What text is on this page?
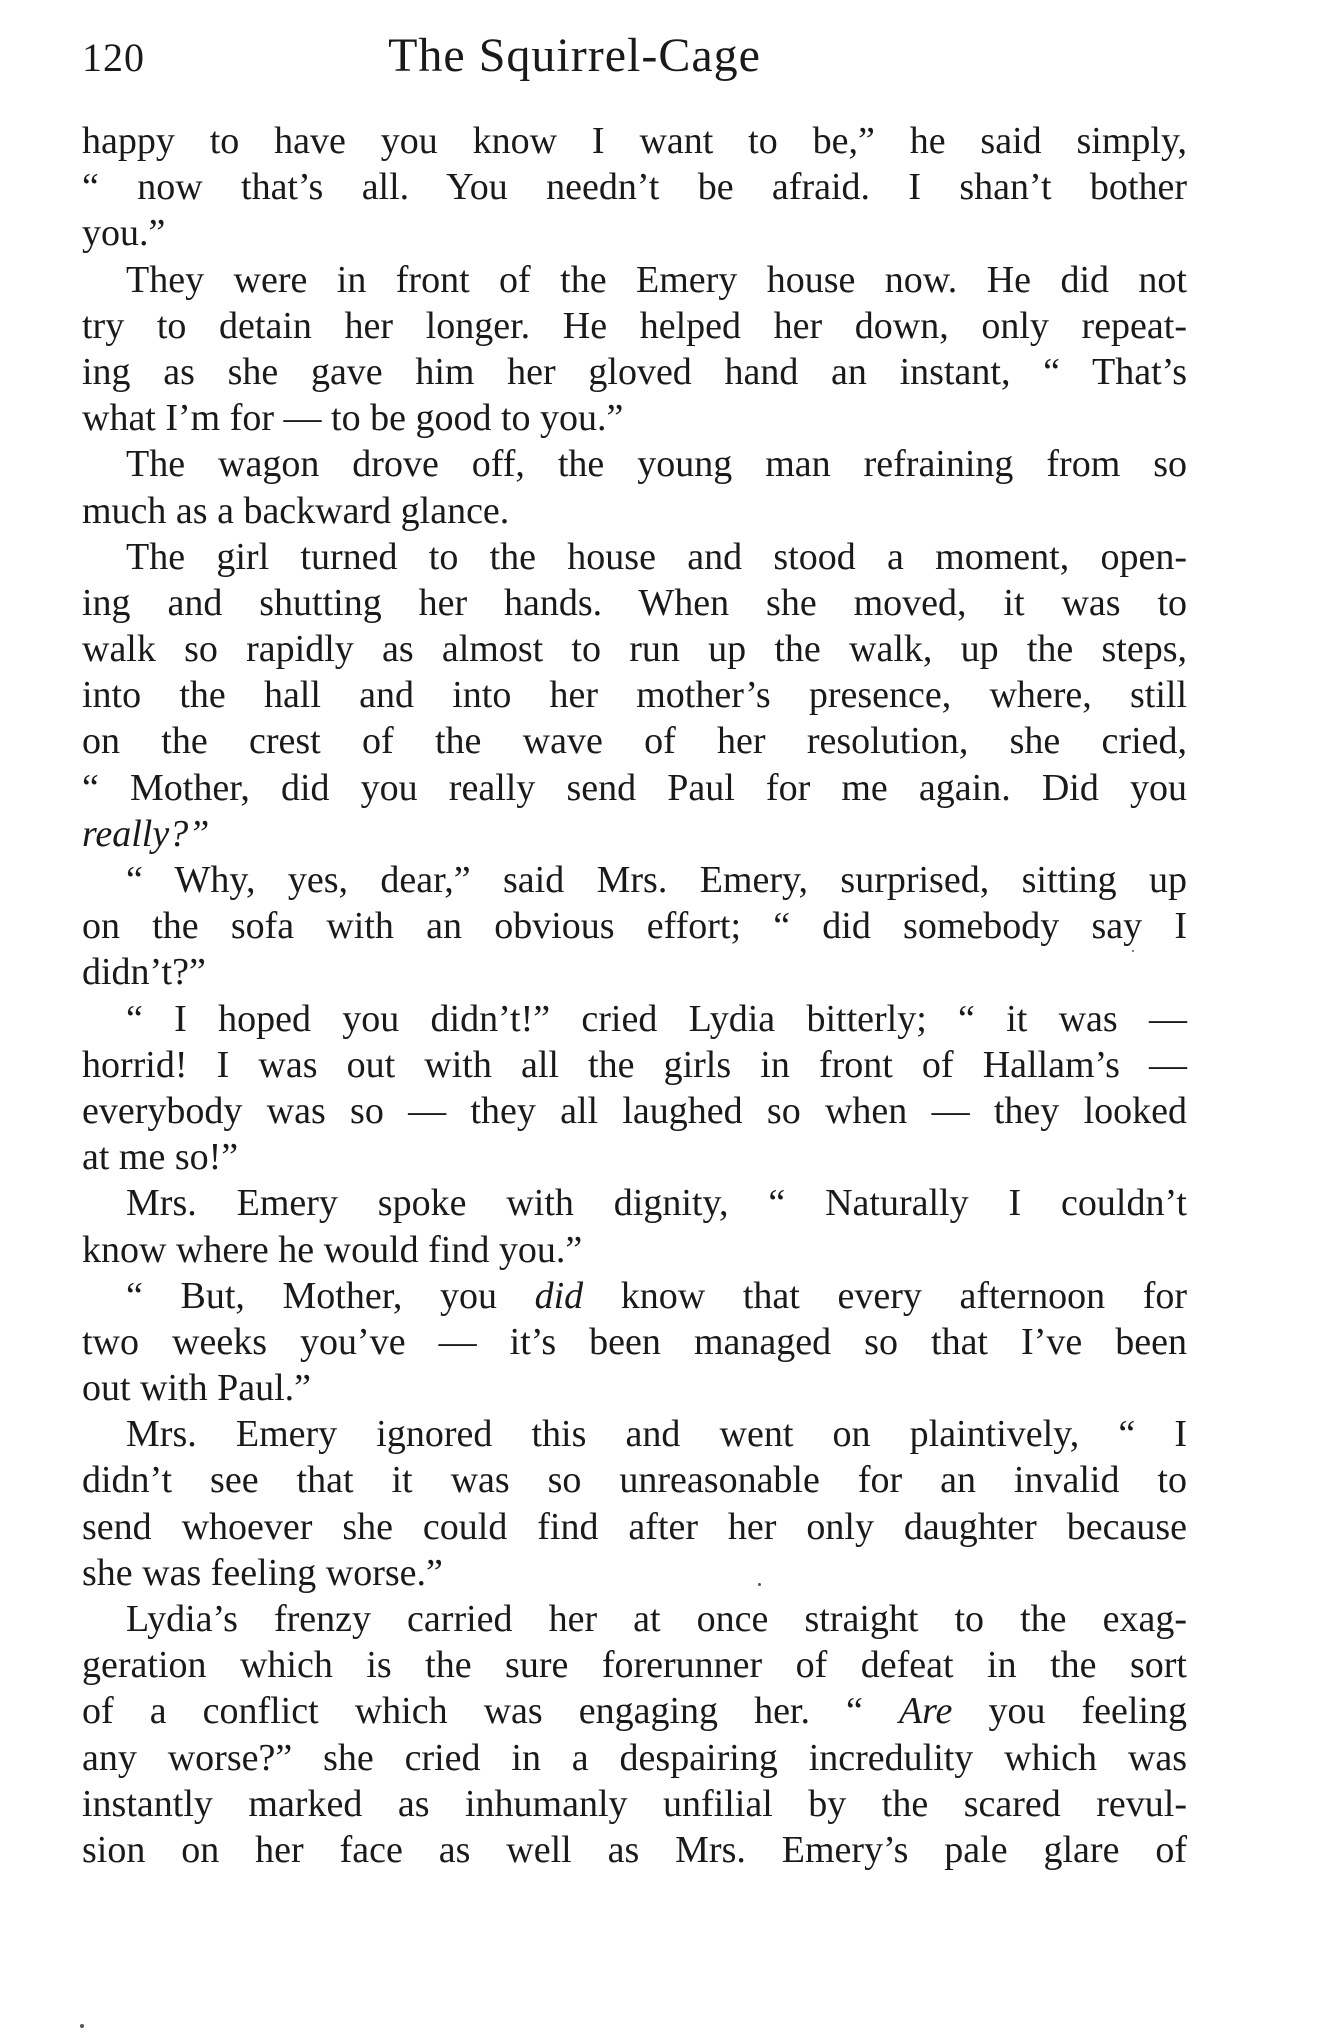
120	The Squirrel-Cage
happy to have you know I want to be,” he said simply,
“ now that’s all. You needn’t be afraid. I shan’t bother
you.”
They were in front of the Emery house now. He did not
try to detain her longer. He helped her down, only repeat-
ing as she gave him her gloved hand an instant, “ That’s
what I’m for — to be good to you.”
The wagon drove off, the young man refraining from so
much as a backward glance.
The girl turned to the house and stood a moment, open-
ing and shutting her hands. When she moved, it was to
walk so rapidly as almost to run up the walk, up the steps,
into the hall and into her mother’s presence, where, still
on the crest of the wave of her resolution, she cried,
“ Mother, did you really send Paul for me again. Did you
really?”
“ Why, yes, dear,” said Mrs. Emery, surprised, sitting up
on the sofa with an obvious effort; “ did somebody say I
didn’t?”
“ I hoped you didn’t!” cried Lydia bitterly; “ it was —
horrid! I was out with all the girls in front of Hallam’s —
everybody was so — they all laughed so when — they looked
at me so!”
Mrs. Emery spoke with dignity, “ Naturally I couldn’t
know where he would find you.”
“ But, Mother, you did know that every afternoon for
two weeks you’ve — it’s been managed so that I’ve been
out with Paul.”
Mrs. Emery ignored this and went on plaintively, “ I
didn’t see that it was so unreasonable for an invalid to
send whoever she could find after her only daughter because
she was feeling worse.”
Lydia’s frenzy carried her at once straight to the exag-
geration which is the sure forerunner of defeat in the sort
of a conflict which was engaging her. “ Are you feeling
any worse?” she cried in a despairing incredulity which was
instantly marked as inhumanly unfilial by the scared revul-
sion on her face as well as Mrs. Emery’s pale glare of
